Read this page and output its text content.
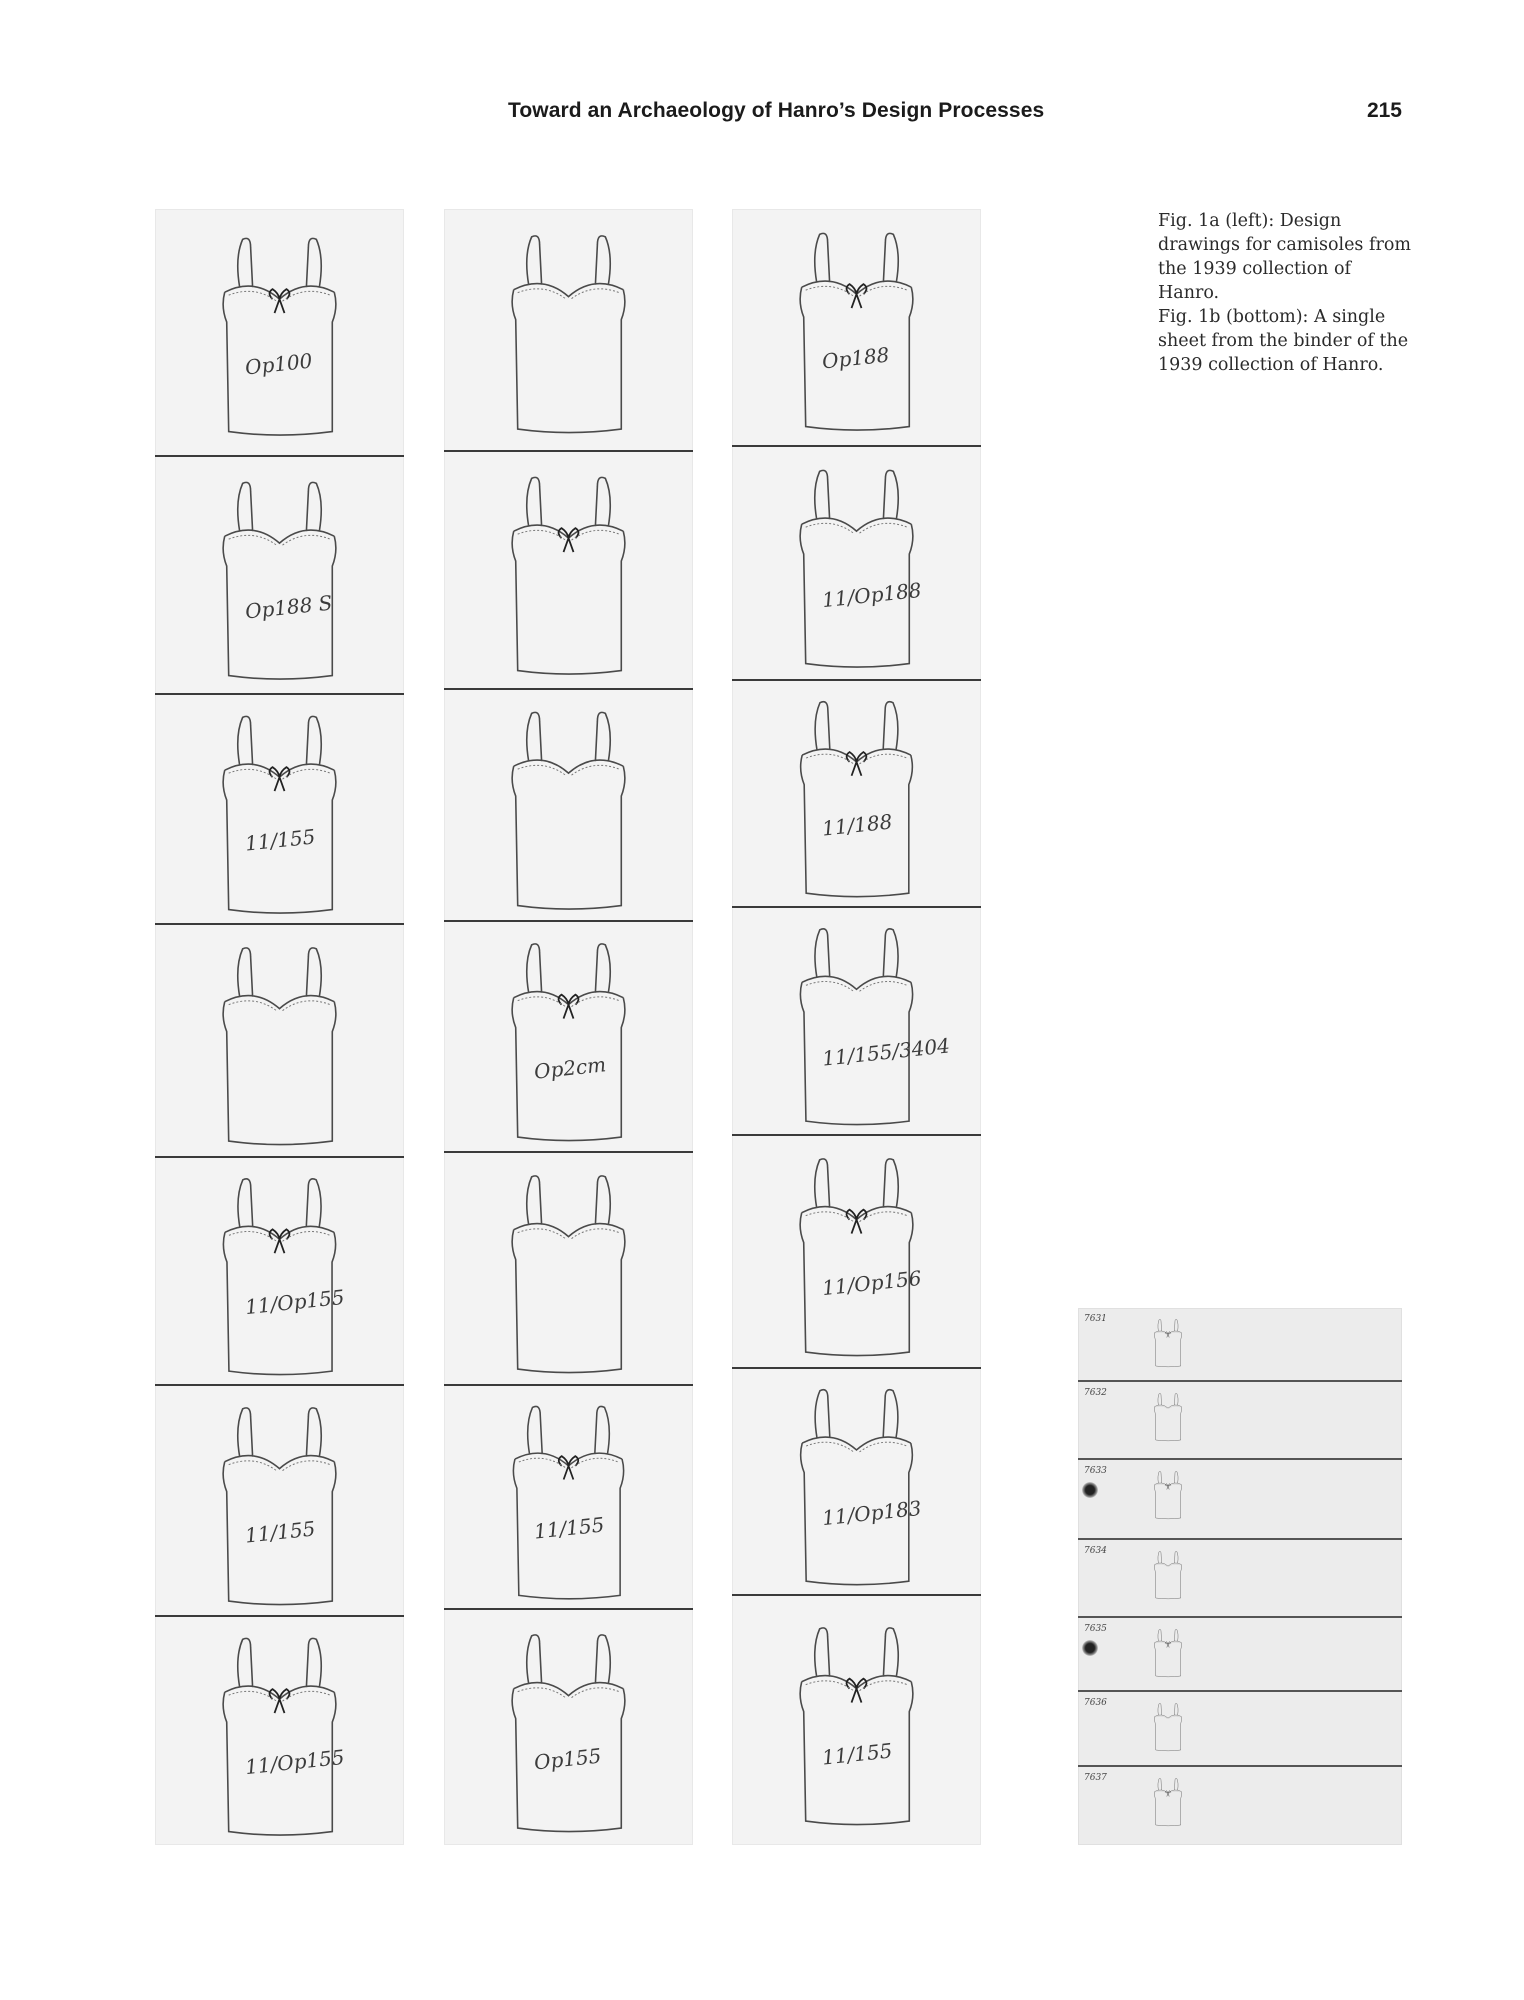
Toward an Archaeology of Hanro’s Design Processes	215
Op100
Op188 S
11/155
11/Op155
11/155
11/Op155
Op2cm
11/155
Op155
Op188
11/Op188
11/188
11/155/3404
11/Op156
11/Op183
11/155
Fig. 1a (left): Design drawings for camisoles from the 1939 collection of Hanro.
Fig. 1b (bottom): A single sheet from the binder of the 1939 collection of Hanro.
7631
7632
7633
7634
7635
7636
7637
